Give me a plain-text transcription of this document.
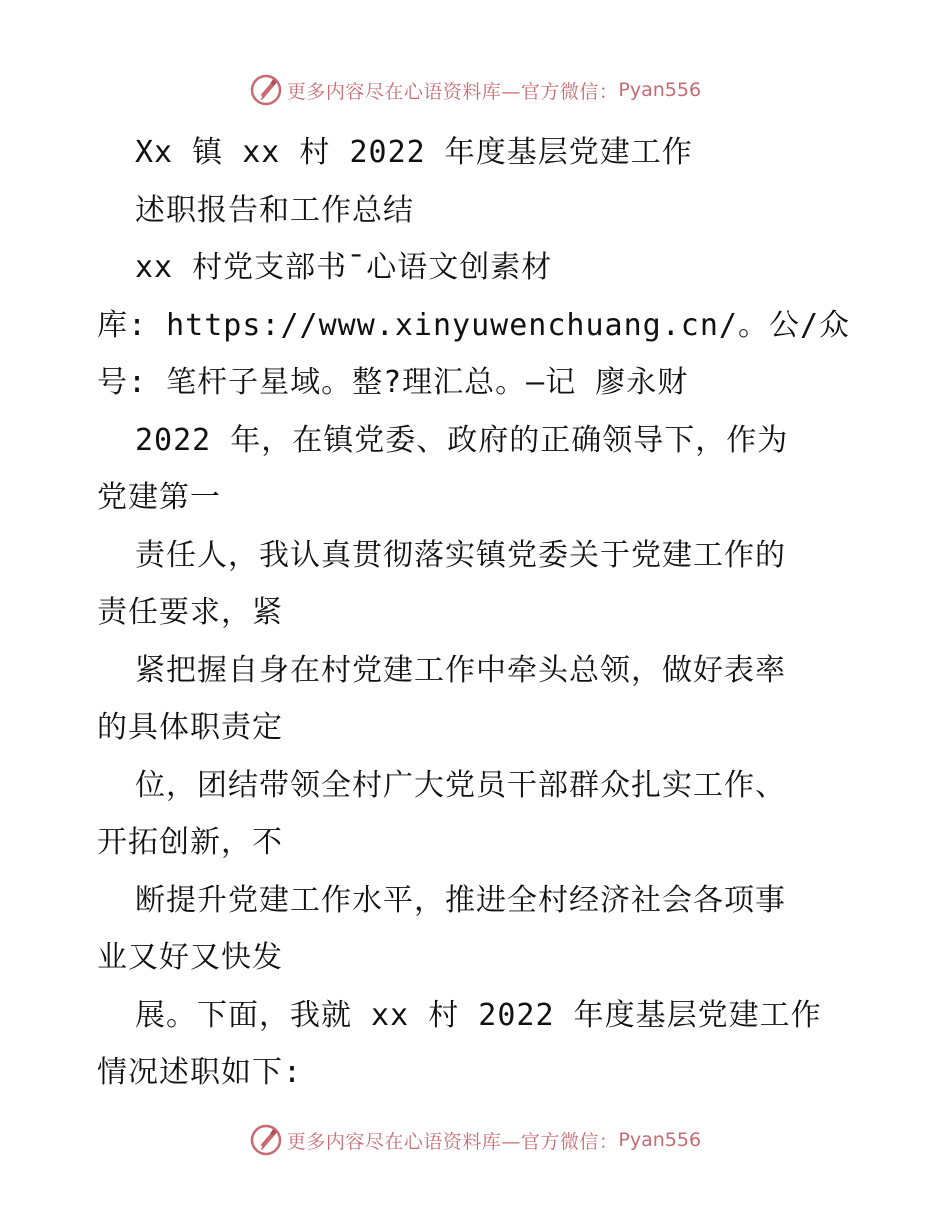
更多内容尽在心语资料库—官方微信： Pyan556
Xx 镇 xx 村 2022 年度基层党建工作
述职报告和工作总结
xx 村党支部书¯心语文创素材
库: https://www.xinyuwenchuang.cn/。公/众
号: 笔杆子星域。整?理汇总。—记 廖永财
2022 年，在镇党委、政府的正确领导下，作为
党建第一
责任人，我认真贯彻落实镇党委关于党建工作的
责任要求，紧
紧把握自身在村党建工作中牵头总领，做好表率
的具体职责定
位，团结带领全村广大党员干部群众扎实工作、
开拓创新，不
断提升党建工作水平，推进全村经济社会各项事
业又好又快发
展。下面，我就 xx 村 2022 年度基层党建工作
情况述职如下:
更多内容尽在心语资料库—官方微信： Pyan556
